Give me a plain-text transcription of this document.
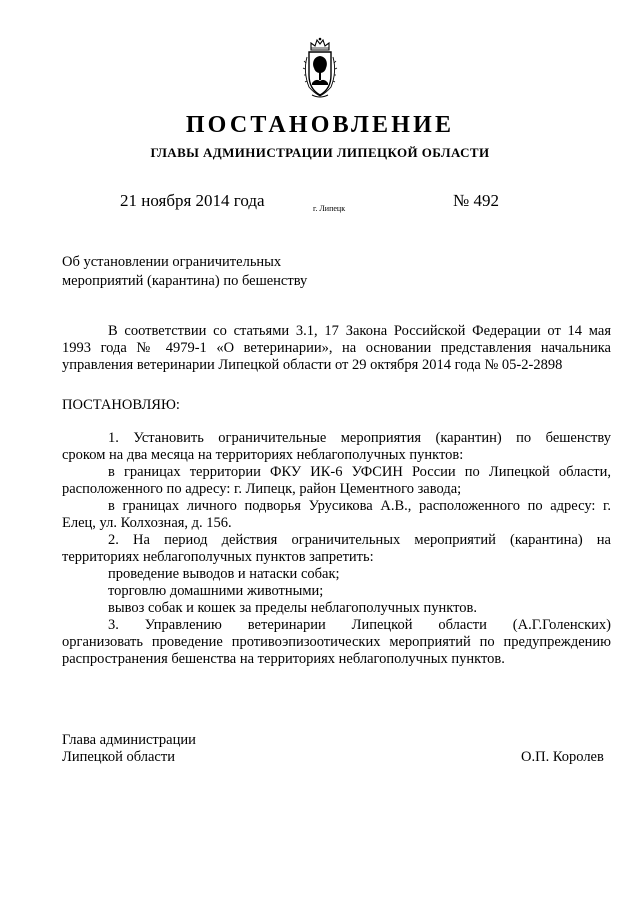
ПОСТАНОВЛЕНИЕ
ГЛАВЫ АДМИНИСТРАЦИИ ЛИПЕЦКОЙ ОБЛАСТИ
21 ноября 2014 года	г. Липецк	№ 492
Об установлении ограничительных
мероприятий (карантина) по бешенству

В соответствии со статьями 3.1, 17 Закона Российской Федерации от 14 мая

1993 года № 4979-1 «О ветеринарии», на основании представления начальника

управления ветеринарии Липецкой области от 29 октября 2014 года № 05-2-2898

ПОСТАНОВЛЯЮ:

1. Установить ограничительные мероприятия (карантин) по бешенству

сроком на два месяца на территориях неблагополучных пунктов:

в границах территории ФКУ ИК-6 УФСИН России по Липецкой области,

расположенного по адресу: г. Липецк, район Цементного завода;

в границах личного подворья Урусикова А.В., расположенного по адресу: г.

Елец, ул. Колхозная, д. 156.

2. На период действия ограничительных мероприятий (карантина) на

территориях неблагополучных пунктов запретить:

проведение выводов и натаски собак;

торговлю домашними животными;

вывоз собак и кошек за пределы неблагополучных пунктов.

3. Управлению ветеринарии Липецкой области (А.Г.Голенских)

организовать проведение противоэпизоотических мероприятий по предупреждению

распространения бешенства на территориях неблагополучных пунктов.

Глава администрации
Липецкой области	О.П. Королев
